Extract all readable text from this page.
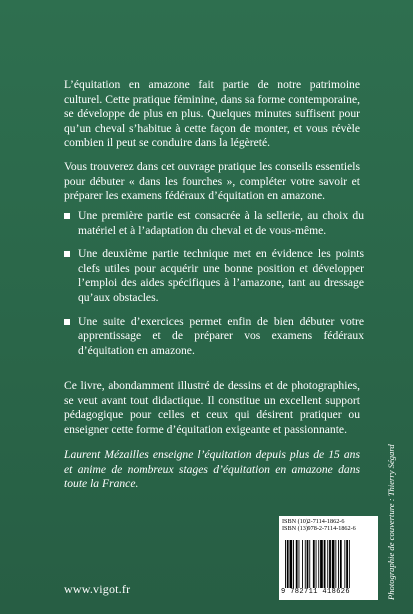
L’équitation en amazone fait partie de notre patrimoine culturel. Cette pratique féminine, dans sa forme contemporaine, se développe de plus en plus. Quelques minutes suffisent pour qu’un cheval s’habitue à cette façon de monter, et vous révèle combien il peut se conduire dans la légèreté.
Vous trouverez dans cet ouvrage pratique les conseils essentiels pour débuter « dans les fourches », compléter votre savoir et préparer les examens fédéraux d’équitation en amazone.
Une première partie est consacrée à la sellerie, au choix du matériel et à l’adaptation du cheval et de vous-même.
Une deuxième partie technique met en évidence les points clefs utiles pour acquérir une bonne position et développer l’emploi des aides spécifiques à l’amazone, tant au dressage qu’aux obstacles.
Une suite d’exercices permet enfin de bien débuter votre apprentissage et de préparer vos examens fédéraux d’équitation en amazone.
Ce livre, abondamment illustré de dessins et de photographies, se veut avant tout didactique. Il constitue un excellent support pédagogique pour celles et ceux qui désirent pratiquer ou enseigner cette forme d’équitation exigeante et passionnante.
Laurent Mézailles enseigne l’équitation depuis plus de 15 ans et anime de nombreux stages d’équitation en amazone dans toute la France.
www.vigot.fr
ISBN (10) 2-7114-1862-6
ISBN (13) 978-2-7114-1862-6
9 782711 418626	Photographie de couverture : Thierry Ségard
